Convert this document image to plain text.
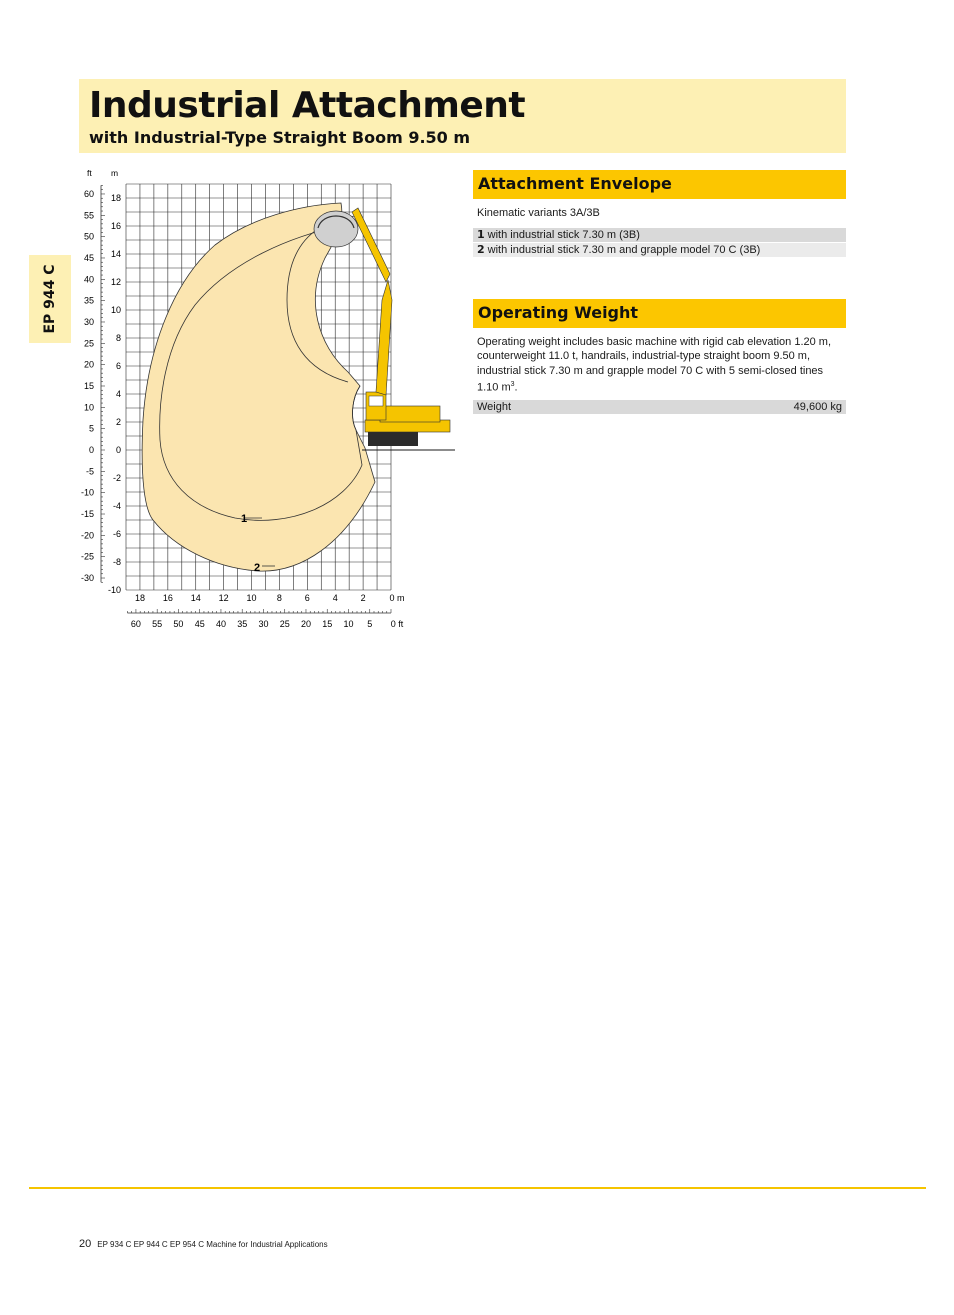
Industrial Attachment
with Industrial-Type Straight Boom 9.50 m
EP 944 C
Attachment Envelope
Kinematic variants 3A/3B
1 with industrial stick 7.30 m (3B)
2 with industrial stick 7.30 m and grapple model 70 C (3B)
Operating Weight
Operating weight includes basic machine with rigid cab elevation 1.20 m, counterweight 11.0 t, handrails, industrial-type straight boom 9.50 m, industrial stick 7.30 m and grapple model 70 C with 5 semi-closed tines 1.10 $m^3$.
Weight	49,600 kg
1
2
m
18
16
14
12
10
8
6
4
2
0
-2
-4
-6
-8
-10
ft
60
55
50
45
40
35
30
25
20
15
10
5
0
-5
-10
-15
-20
-25
-30
18 16 14 12 10 8	6	4	2	0 m
60 55 50 45 40 35 30 25 20 15 10 5 0 ft
20 EP 934 C EP 944 C EP 954 C Machine for Industrial Applications
